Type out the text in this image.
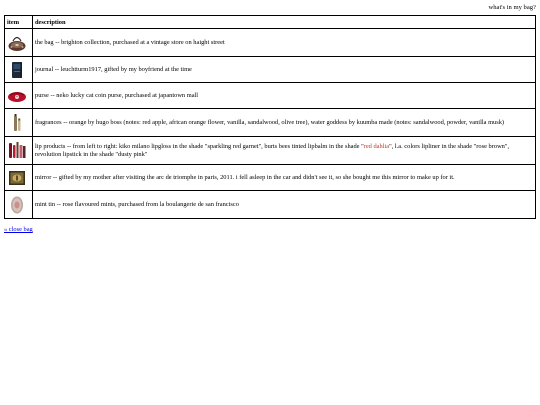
what's in my bag?
item	description

	the bag -- brighton collection, purchased at a vintage store on haight street

	journal -- leuchtturm1917, gifted by my boyfriend at the time

	purse -- neko lucky cat coin purse, purchased at japantown mall

	fragrances -- orange by hugo boss (notes: red apple, african orange flower, vanilla, sandalwood, olive tree), water goddess by kuumba made (notes: sandalwood, powder, vanilla musk)

	lip products -- from left to right: kiko milano lipgloss in the shade "sparkling red garnet", burts bees tinted lipbalm in the shade "red dahlia", l.a. colors lipliner in the shade "rose brown", revolution lipstick in the shade "dusty pink"

	mirror -- gifted by my mother after visiting the arc de triomphe in paris, 2011. i fell asleep in the car and didn't see it, so she bought me this mirror to make up for it.

	mint tin -- rose flavoured mints, purchased from la boulangerie de san francisco
« close bag
